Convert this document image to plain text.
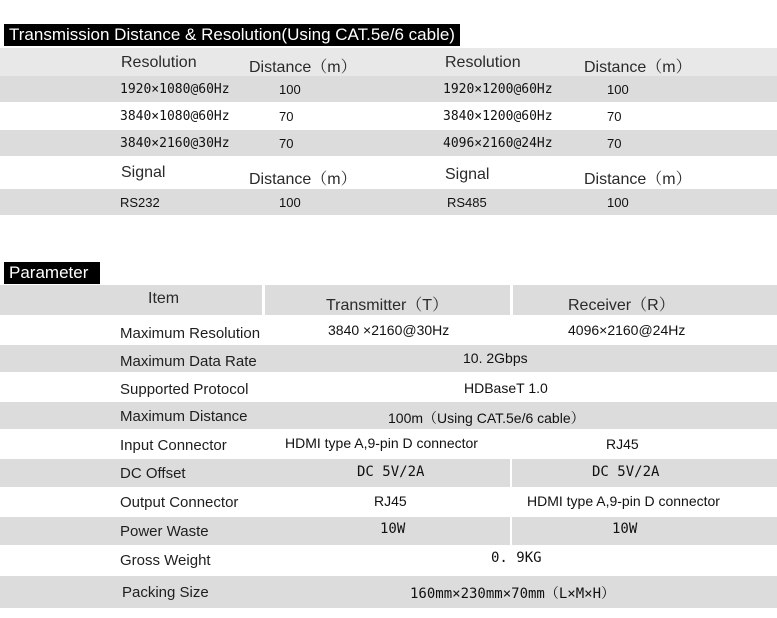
Transmission Distance & Resolution(Using CAT.5e/6 cable)
Resolution	Distance（m）	Resolution	Distance（m）
1920×1080@60Hz	100	1920×1200@60Hz	100
3840×1080@60Hz	70	3840×1200@60Hz	70
3840×2160@30Hz	70	4096×2160@24Hz	70
Signal	Distance（m）	Signal	Distance（m）
RS232	100	RS485	100
Parameter
Item	Transmitter（T）	Receiver（R）
Maximum Resolution	3840 ×2160@30Hz	4096×2160@24Hz
Maximum Data Rate	10. 2Gbps
Supported Protocol	HDBaseT 1.0
Maximum Distance	100m（Using CAT.5e/6 cable）
Input Connector	HDMI type A,9-pin D connector	RJ45
DC Offset	DC 5V/2A	DC 5V/2A
Output Connector	RJ45	HDMI type A,9-pin D connector
Power Waste	10W	10W
Gross Weight	0. 9KG
Packing Size	160mm×230mm×70mm（L×M×H）
